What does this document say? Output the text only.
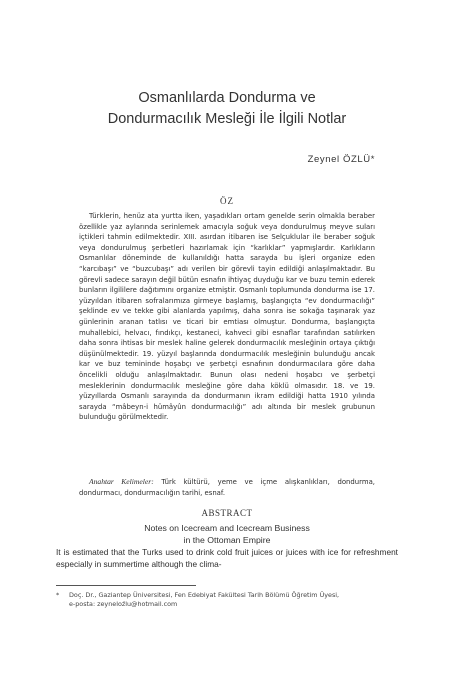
Osmanlılarda Dondurma ve
Dondurmacılık Mesleği İle İlgili Notlar
Zeynel ÖZLÜ*
ÖZ

Türklerin, henüz ata yurtta iken, yaşadıkları ortam genelde serin olmakla beraber özellikle yaz aylarında serinlemek amacıyla soğuk veya dondurulmuş meyve suları içtikleri tahmin edilmektedir. XIII. asırdan itibaren ise Selçuklular ile beraber soğuk veya dondurulmuş şerbetleri hazırlamak için “karlıklar” yapmışlardır. Karlıkların Osmanlılar döneminde de kullanıldığı hatta sarayda bu işleri organize eden “karcıbaşı” ve “buzcubaşı” adı verilen bir görevli tayin edildiği anlaşılmaktadır. Bu görevli sadece sarayın değil bütün esnafın ihtiyaç duyduğu kar ve buzu temin ederek bunların ilgililere dağıtımını organize etmiştir. Osmanlı toplumunda dondurma ise 17. yüzyıldan itibaren sofralarımıza girmeye başlamış, başlangıçta “ev dondurmacılığı” şeklinde ev ve tekke gibi alanlarda yapılmış, daha sonra ise sokağa taşınarak yaz günlerinin aranan tatlısı ve ticari bir emtiası olmuştur. Dondurma, başlangıçta muhallebici, helvacı, fındıkçı, kestaneci, kahveci gibi esnaflar tarafından satılırken daha sonra ihtisas bir meslek haline gelerek dondurmacılık mesleğinin ortaya çıktığı düşünülmektedir. 19. yüzyıl başlarında dondurmacılık mesleğinin bulunduğu ancak kar ve buz temininde hoşabçı ve şerbetçi esnafının dondurmacılara göre daha öncelikli olduğu anlaşılmaktadır. Bunun olası nedeni hoşabcı ve şerbetçi mesleklerinin dondurmacılık mesleğine göre daha köklü olmasıdır. 18. ve 19. yüzyıllarda Osmanlı sarayında da dondurmanın ikram edildiği hatta 1910 yılında sarayda “mâbeyn-i hümâyûn dondurmacılığı” adı altında bir meslek grubunun bulunduğu görülmektedir.

Anahtar Kelimeler: Türk kültürü, yeme ve içme alışkanlıkları, dondurma, dondurmacı, dondurmacılığın tarihi, esnaf.

ABSTRACT
Notes on Icecream and Icecream Business
in the Ottoman Empire

It is estimated that the Turks used to drink cold fruit juices or juices with ice for refreshment especially in summertime although the clima-

* Doç. Dr., Gaziantep Üniversitesi, Fen Edebiyat Fakültesi Tarih Bölümü Öğretim Üyesi,
e-posta: zeyneloźlu@hotmail.com
